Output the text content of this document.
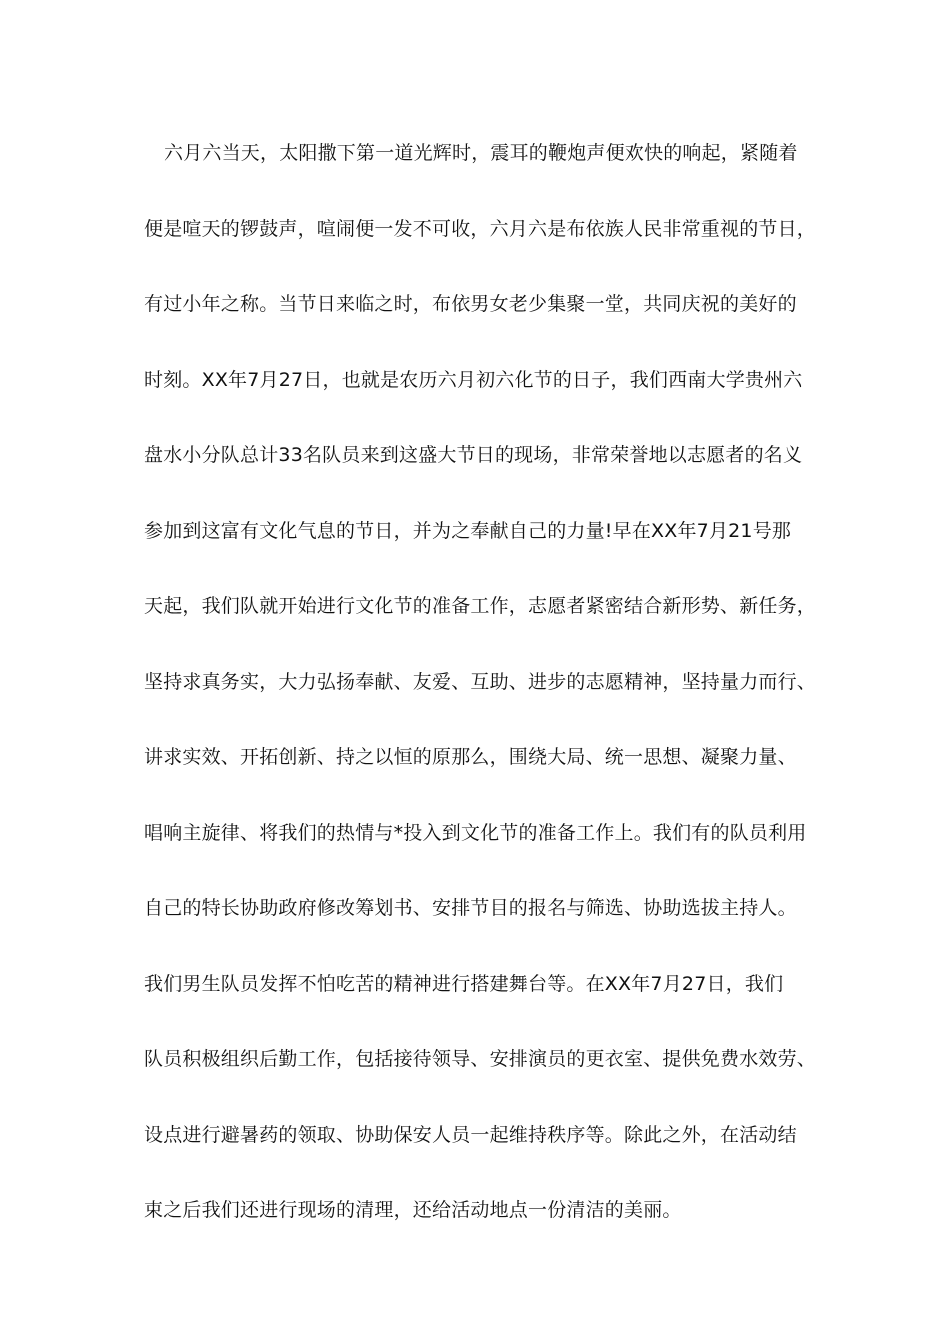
六月六当天，太阳撒下第一道光辉时，震耳的鞭炮声便欢快的响起，紧随着
便是喧天的锣鼓声，喧闹便一发不可收，六月六是布依族人民非常重视的节日，
有过小年之称。当节日来临之时，布依男女老少集聚一堂，共同庆祝的美好的
时刻。XX年7月27日，也就是农历六月初六化节的日子，我们西南大学贵州六
盘水小分队总计33名队员来到这盛大节日的现场，非常荣誉地以志愿者的名义
参加到这富有文化气息的节日，并为之奉献自己的力量!早在XX年7月21号那
天起，我们队就开始进行文化节的准备工作，志愿者紧密结合新形势、新任务，
坚持求真务实，大力弘扬奉献、友爱、互助、进步的志愿精神，坚持量力而行、
讲求实效、开拓创新、持之以恒的原那么，围绕大局、统一思想、凝聚力量、
唱响主旋律、将我们的热情与*投入到文化节的准备工作上。我们有的队员利用
自己的特长协助政府修改筹划书、安排节目的报名与筛选、协助选拔主持人。
我们男生队员发挥不怕吃苦的精神进行搭建舞台等。在XX年7月27日，我们
队员积极组织后勤工作，包括接待领导、安排演员的更衣室、提供免费水效劳、
设点进行避暑药的领取、协助保安人员一起维持秩序等。除此之外，在活动结
束之后我们还进行现场的清理，还给活动地点一份清洁的美丽。
